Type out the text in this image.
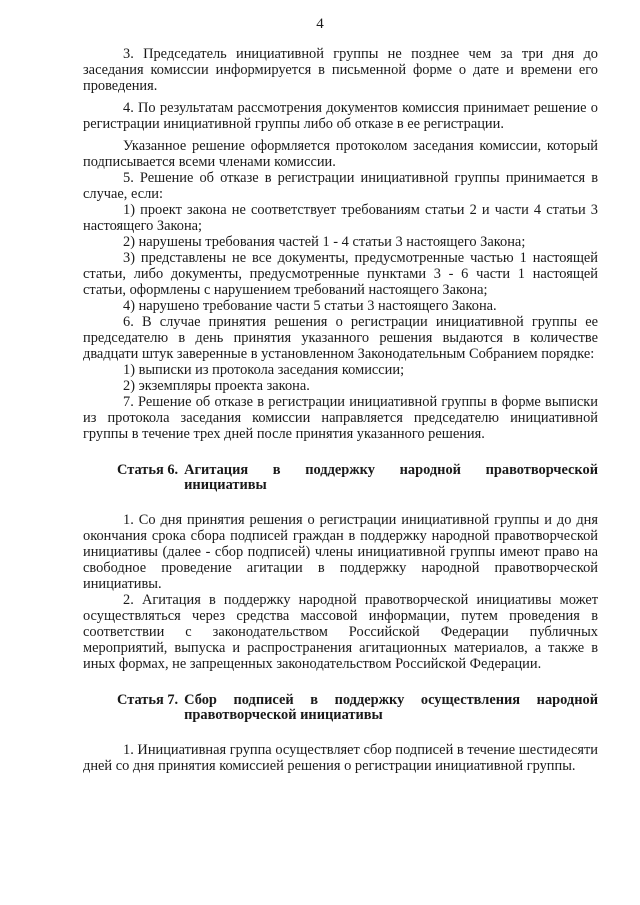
4

3. Председатель инициативной группы не позднее чем за три дня до заседания комиссии информируется в письменной форме о дате и времени его проведения.

4. По результатам рассмотрения документов комиссия принимает решение о регистрации инициативной группы либо об отказе в ее регистрации.

Указанное решение оформляется протоколом заседания комиссии, который подписывается всеми членами комиссии.

5. Решение об отказе в регистрации инициативной группы принимается в случае, если:

1) проект закона не соответствует требованиям статьи 2 и части 4 статьи 3 настоящего Закона;

2) нарушены требования частей 1 - 4 статьи 3 настоящего Закона;

3) представлены не все документы, предусмотренные частью 1 настоящей статьи, либо документы, предусмотренные пунктами 3 - 6 части 1 настоящей статьи, оформлены с нарушением требований настоящего Закона;

4) нарушено требование части 5 статьи 3 настоящего Закона.

6. В случае принятия решения о регистрации инициативной группы ее председателю в день принятия указанного решения выдаются в количестве двадцати штук заверенные в установленном Законодательным Собранием порядке:

1) выписки из протокола заседания комиссии;

2) экземпляры проекта закона.

7. Решение об отказе в регистрации инициативной группы в форме выписки из протокола заседания комиссии направляется председателю инициативной группы в течение трех дней после принятия указанного решения.

Статья 6. Агитация в поддержку народной правотворческой инициативы

1. Со дня принятия решения о регистрации инициативной группы и до дня окончания срока сбора подписей граждан в поддержку народной правотворческой инициативы (далее - сбор подписей) члены инициативной группы имеют право на свободное проведение агитации в поддержку народной правотворческой инициативы.

2. Агитация в поддержку народной правотворческой инициативы может осуществляться через средства массовой информации, путем проведения в соответствии с законодательством Российской Федерации публичных мероприятий, выпуска и распространения агитационных материалов, а также в иных формах, не запрещенных законодательством Российской Федерации.

Статья 7. Сбор подписей в поддержку осуществления народной правотворческой инициативы

1. Инициативная группа осуществляет сбор подписей в течение шестидесяти дней со дня принятия комиссией решения о регистрации инициативной группы.
